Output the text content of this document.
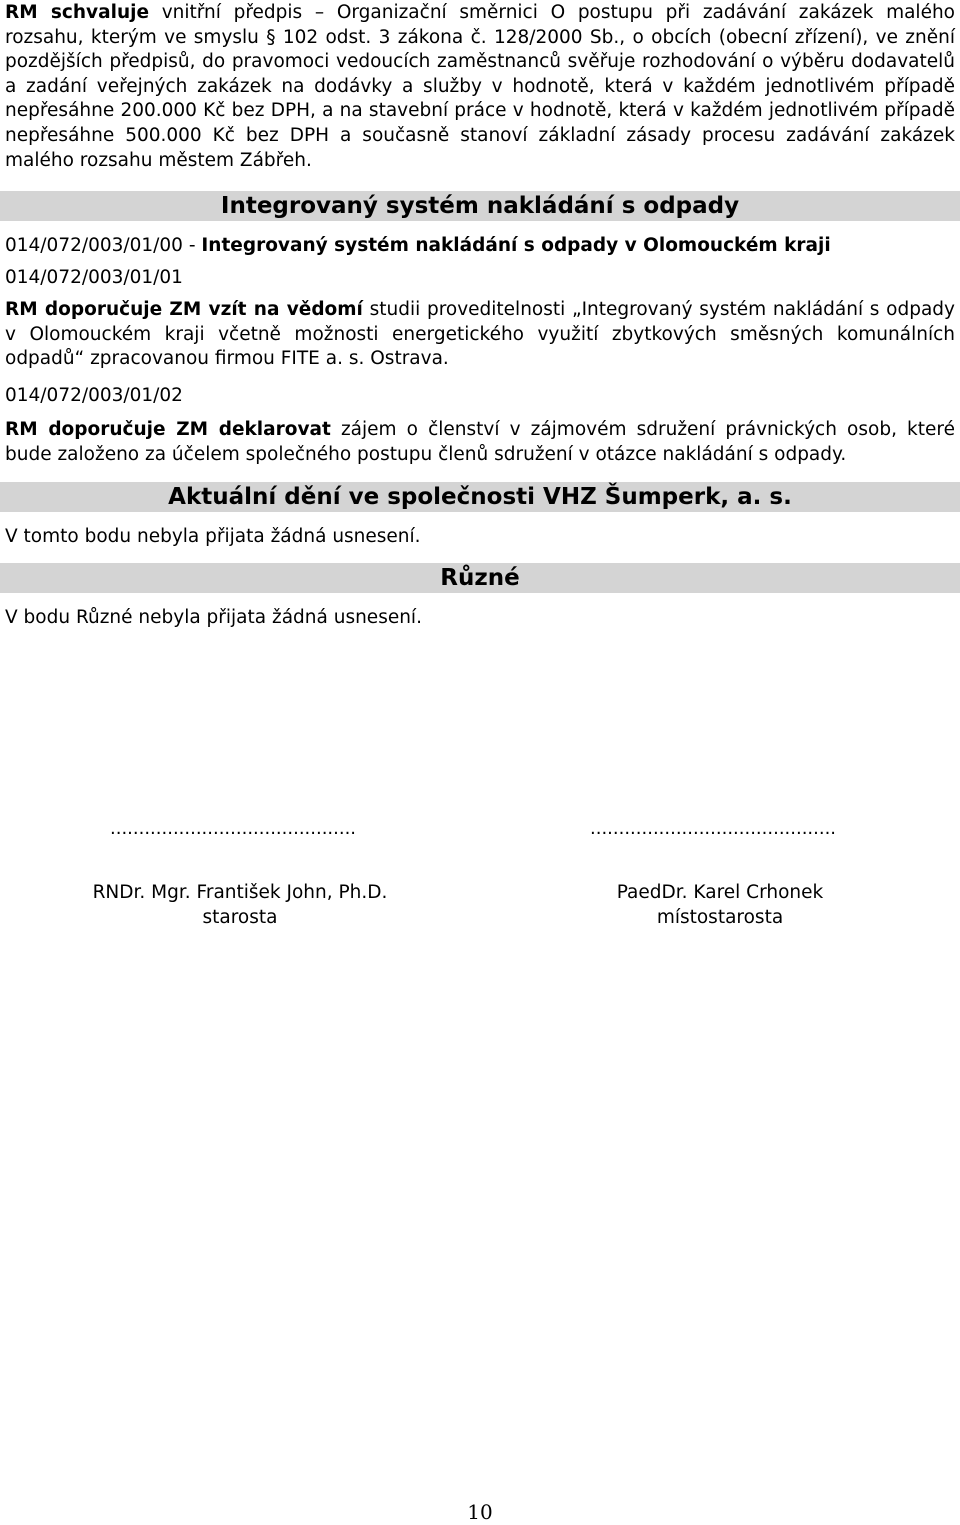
RM schvaluje vnitřní předpis – Organizační směrnici O postupu při zadávání zakázek malého rozsahu, kterým ve smyslu § 102 odst. 3 zákona č. 128/2000 Sb., o obcích (obecní zřízení), ve znění pozdějších předpisů, do pravomoci vedoucích zaměstnanců svěřuje rozhodování o výběru dodavatelů a zadání veřejných zakázek na dodávky a služby v hodnotě, která v každém jednotlivém případě nepřesáhne 200.000 Kč bez DPH, a na stavební práce v hodnotě, která v každém jednotlivém případě nepřesáhne 500.000 Kč bez DPH a současně stanoví základní zásady procesu zadávání zakázek malého rozsahu městem Zábřeh.

Integrovaný systém nakládání s odpady

014/072/003/01/00 - Integrovaný systém nakládání s odpady v Olomouckém kraji

014/072/003/01/01

RM doporučuje ZM vzít na vědomí studii proveditelnosti „Integrovaný systém nakládání s odpady v Olomouckém kraji včetně možnosti energetického využití zbytkových směsných komunálních odpadů“ zpracovanou firmou FITE a. s. Ostrava.

014/072/003/01/02

RM doporučuje ZM deklarovat zájem o členství v zájmovém sdružení právnických osob, které bude založeno za účelem společného postupu členů sdružení v otázce nakládání s odpady.

Aktuální dění ve společnosti VHZ Šumperk, a. s.

V tomto bodu nebyla přijata žádná usnesení.

Různé

V bodu Různé nebyla přijata žádná usnesení.

...........................................	...........................................
RNDr. Mgr. František John, Ph.D.
starosta
PaedDr. Karel Crhonek
místostarosta
10
